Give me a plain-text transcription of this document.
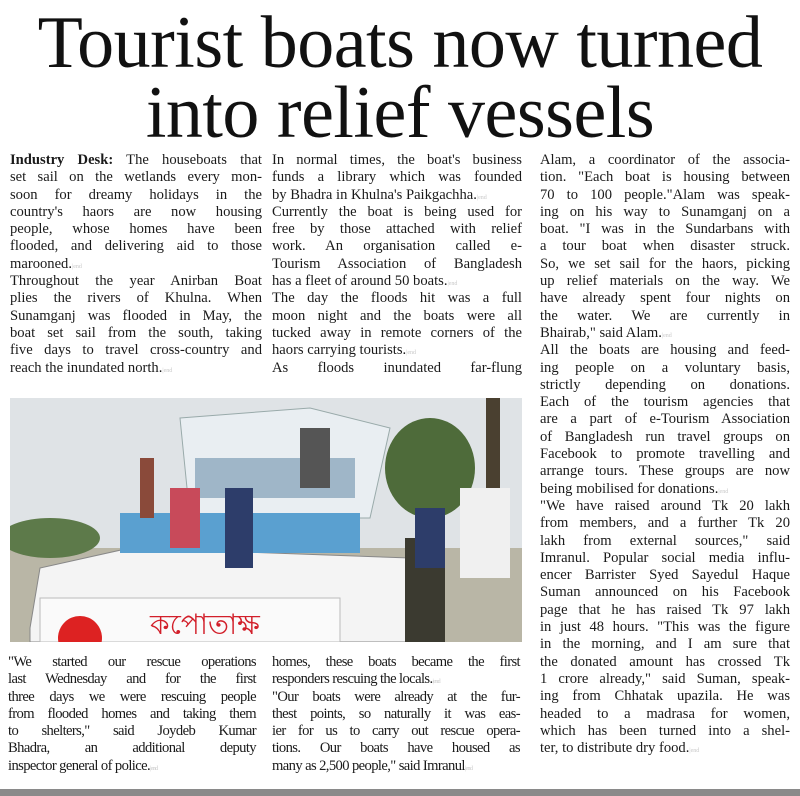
Tourist boats now turned
into relief vessels
Industry Desk: The houseboats that
set sail on the wetlands every mon-
soon for dreamy holidays in the
country's haors are now housing
people, whose homes have been
flooded, and delivering aid to those
marooned.|end
Throughout the year Anirban Boat
plies the rivers of Khulna. When
Sunamganj was flooded in May, the
boat set sail from the south, taking
five days to travel cross-country and
reach the inundated north.|end
In normal times, the boat's business
funds a library which was founded
by Bhadra in Khulna's Paikgachha.|end
Currently the boat is being used for
free by those attached with relief
work. An organisation called e-
Tourism Association of Bangladesh
has a fleet of around 50 boats.|end
The day the floods hit was a full
moon night and the boats were all
tucked away in remote corners of the
haors carrying tourists.|end
As floods inundated far-flung
Alam, a coordinator of the associa-
tion. "Each boat is housing between
70 to 100 people."Alam was speak-
ing on his way to Sunamganj on a
boat. "I was in the Sundarbans with
a tour boat when disaster struck.
So, we set sail for the haors, picking
up relief materials on the way. We
have already spent four nights on
the water. We are currently in
Bhairab," said Alam.|end
All the boats are housing and feed-
ing people on a voluntary basis,
strictly depending on donations.
Each of the tourism agencies that
are a part of e-Tourism Association
of Bangladesh run travel groups on
Facebook to promote travelling and
arrange tours. These groups are now
being mobilised for donations.|end
"We have raised around Tk 20 lakh
from members, and a further Tk 20
lakh from external sources," said
Imranul. Popular social media influ-
encer Barrister Syed Sayedul Haque
Suman announced on his Facebook
page that he has raised Tk 97 lakh
in just 48 hours. "This was the figure
in the morning, and I am sure that
the donated amount has crossed Tk
1 crore already," said Suman, speak-
ing from Chhatak upazila. He was
headed to a madrasa for women,
which has been turned into a shel-
ter, to distribute dry food.|end
"We started our rescue operations
last Wednesday and for the first
three days we were rescuing people
from flooded homes and taking them
to shelters," said Joydeb Kumar
Bhadra, an additional deputy
inspector general of police.|end
homes, these boats became the first
responders rescuing the locals.|end
"Our boats were already at the fur-
thest points, so naturally it was eas-
ier for us to carry out rescue opera-
tions. Our boats have housed as
many as 2,500 people," said Imranul|end
কপোতাক্ষ
